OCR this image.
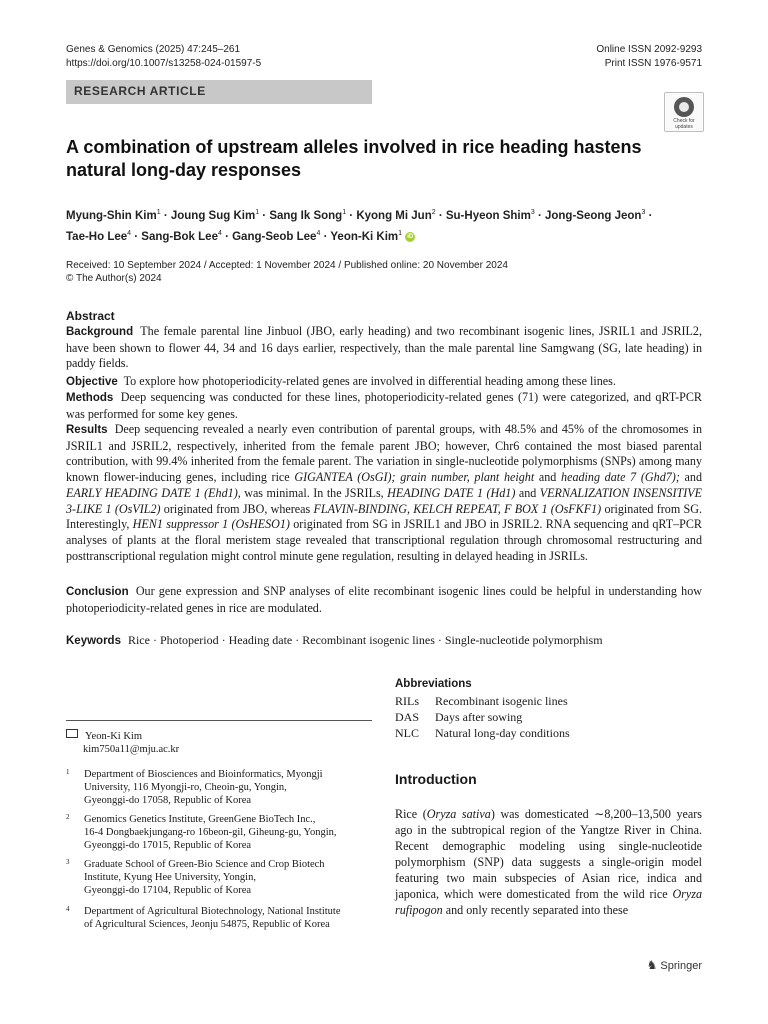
Genes & Genomics (2025) 47:245–261
https://doi.org/10.1007/s13258-024-01597-5
Online ISSN 2092-9293
Print ISSN 1976-9571
RESEARCH ARTICLE
Check for updates
A combination of upstream alleles involved in rice heading hastens natural long-day responses
Myung-Shin Kim$^1$ · Joung Sug Kim$^1$ · Sang Ik Song$^1$ · Kyong Mi Jun$^2$ · Su-Hyeon Shim$^3$ · Jong-Seong Jeon$^3$ ·
Tae-Ho Lee$^4$ · Sang-Bok Lee$^4$ · Gang-Seob Lee$^4$ · Yeon-Ki Kim$^1$ iD
Received: 10 September 2024 / Accepted: 1 November 2024 / Published online: 20 November 2024
© The Author(s) 2024
Abstract
Background The female parental line Jinbuol (JBO, early heading) and two recombinant isogenic lines, JSRIL1 and JSRIL2, have been shown to flower 44, 34 and 16 days earlier, respectively, than the male parental line Samgwang (SG, late heading) in paddy fields.
Objective To explore how photoperiodicity-related genes are involved in differential heading among these lines.
Methods Deep sequencing was conducted for these lines, photoperiodicity-related genes (71) were categorized, and qRT-PCR was performed for some key genes.
Results Deep sequencing revealed a nearly even contribution of parental groups, with 48.5% and 45% of the chromosomes in JSRIL1 and JSRIL2, respectively, inherited from the female parent JBO; however, Chr6 contained the most biased parental contribution, with 99.4% inherited from the female parent. The variation in single-nucleotide polymorphisms (SNPs) among many known flower-inducing genes, including rice GIGANTEA (OsGI); grain number, plant height and heading date 7 (Ghd7); and EARLY HEADING DATE 1 (Ehd1), was minimal. In the JSRILs, HEADING DATE 1 (Hd1) and VERNALIZATION INSENSITIVE 3-LIKE 1 (OsVIL2) originated from JBO, whereas FLAVIN-BINDING, KELCH REPEAT, F BOX 1 (OsFKF1) originated from SG. Interestingly, HEN1 suppressor 1 (OsHESO1) originated from SG in JSRIL1 and JBO in JSRIL2. RNA sequencing and qRT–PCR analyses of plants at the floral meristem stage revealed that transcriptional regulation through chromosomal restructuring and posttranscriptional regulation might control minute gene regulation, resulting in delayed heading in JSRILs.
Conclusion Our gene expression and SNP analyses of elite recombinant isogenic lines could be helpful in understanding how photoperiodicity-related genes in rice are modulated.
Keywords Rice · Photoperiod · Heading date · Recombinant isogenic lines · Single-nucleotide polymorphism
Abbreviations
RILs Recombinant isogenic lines
DAS Days after sowing
NLC Natural long-day conditions
Introduction
Rice (Oryza sativa) was domesticated ∼8,200–13,500 years ago in the subtropical region of the Yangtze River in China. Recent demographic modeling using single-nucleotide polymorphism (SNP) data suggests a single-origin model featuring two main subspecies of Asian rice, indica and japonica, which were domesticated from the wild rice Oryza rufipogon and only recently separated into these
Yeon-Ki Kim
kim750a11@mju.ac.kr
1 Department of Biosciences and Bioinformatics, Myongji
University, 116 Myongji-ro, Cheoin-gu, Yongin,
Gyeonggi-do 17058, Republic of Korea
2 Genomics Genetics Institute, GreenGene BioTech Inc.,
16-4 Dongbaekjungang-ro 16beon-gil, Giheung-gu, Yongin,
Gyeonggi-do 17015, Republic of Korea
3 Graduate School of Green-Bio Science and Crop Biotech
Institute, Kyung Hee University, Yongin,
Gyeonggi-do 17104, Republic of Korea
4 Department of Agricultural Biotechnology, National Institute
of Agricultural Sciences, Jeonju 54875, Republic of Korea
♞ Springer
